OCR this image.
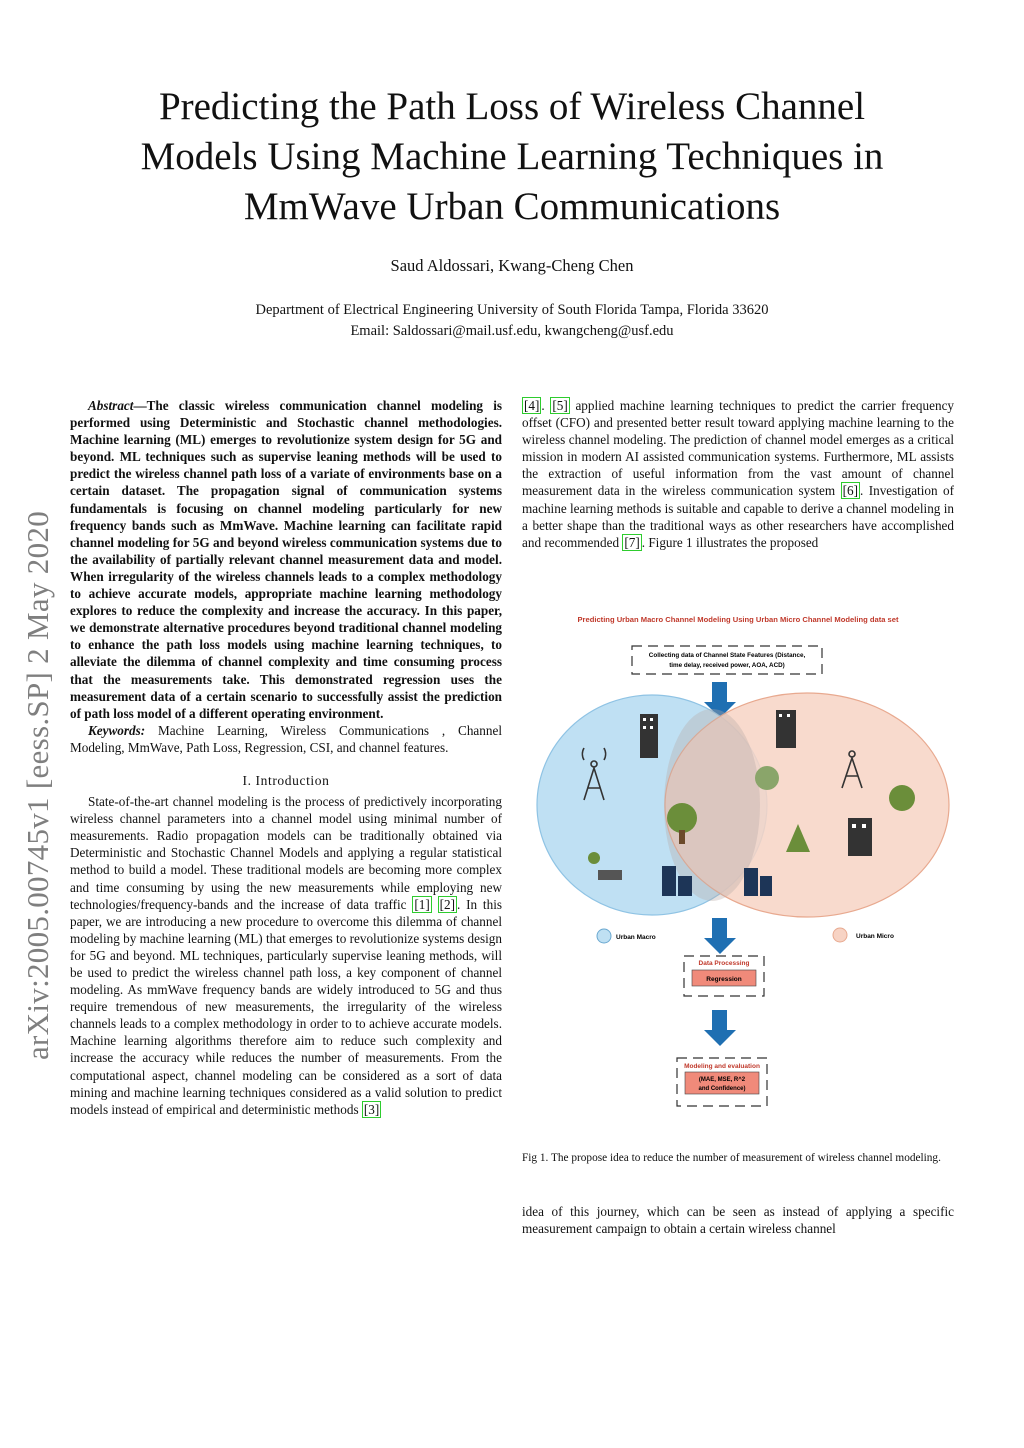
Predicting the Path Loss of Wireless Channel
Models Using Machine Learning Techniques in
MmWave Urban Communications
Saud Aldossari, Kwang-Cheng Chen
Department of Electrical Engineering University of South Florida Tampa, Florida 33620
Email: Saldossari@mail.usf.edu, kwangcheng@usf.edu
arXiv:2005.00745v1 [eess.SP] 2 May 2020

Abstract—The classic wireless communication channel modeling is performed using Deterministic and Stochastic channel methodologies. Machine learning (ML) emerges to revolutionize system design for 5G and beyond. ML techniques such as supervise leaning methods will be used to predict the wireless channel path loss of a variate of environments base on a certain dataset. The propagation signal of communication systems fundamentals is focusing on channel modeling particularly for new frequency bands such as MmWave. Machine learning can facilitate rapid channel modeling for 5G and beyond wireless communication systems due to the availability of partially relevant channel measurement data and model. When irregularity of the wireless channels leads to a complex methodology to achieve accurate models, appropriate machine learning methodology explores to reduce the complexity and increase the accuracy. In this paper, we demonstrate alternative procedures beyond traditional channel modeling to enhance the path loss models using machine learning techniques, to alleviate the dilemma of channel complexity and time consuming process that the measurements take. This demonstrated regression uses the measurement data of a certain scenario to successfully assist the prediction of path loss model of a different operating environment.

Keywords: Machine Learning, Wireless Communications , Channel Modeling, MmWave, Path Loss, Regression, CSI, and channel features.

I. Introduction

State-of-the-art channel modeling is the process of predictively incorporating wireless channel parameters into a channel model using minimal number of measurements. Radio propagation models can be traditionally obtained via Deterministic and Stochastic Channel Models and applying a regular statistical method to build a model. These traditional models are becoming more complex and time consuming by using the new measurements while employing new technologies/frequency-bands and the increase of data traffic [1] [2] . In this paper, we are introducing a new procedure to overcome this dilemma of channel modeling by machine learning (ML) that emerges to revolutionize systems design for 5G and beyond. ML techniques, particularly supervise leaning methods, will be used to predict the wireless channel path loss, a key component of channel modeling. As mmWave frequency bands are widely introduced to 5G and thus require tremendous of new measurements, the irregularity of the wireless channels leads to a complex methodology in order to to achieve accurate models. Machine learning algorithms therefore aim to reduce such complexity and increase the accuracy while reduces the number of measurements. From the computational aspect, channel modeling can be considered as a sort of data mining and machine learning techniques considered as a valid solution to predict models instead of empirical and deterministic methods [3]

[4] . [5] applied machine learning techniques to predict the carrier frequency offset (CFO) and presented better result toward applying machine learning to the wireless channel modeling. The prediction of channel model emerges as a critical mission in modern AI assisted communication systems. Furthermore, ML assists the extraction of useful information from the vast amount of channel measurement data in the wireless communication system [6] . Investigation of machine learning methods is suitable and capable to derive a channel modeling in a better shape than the traditional ways as other researchers have accomplished and recommended [7] . Figure 1 illustrates the proposed

Predicting Urban Macro Channel Modeling Using Urban Micro Channel Modeling data set
Collecting data of Channel State Features (Distance,
time delay, received power, AOA, ACD)
Urban Macro	Urban Micro
Data Processing
Regression
Modeling and evaluation
(MAE, MSE, R^2
and Confidence)
Fig 1. The propose idea to reduce the number of measurement of wireless channel modeling.
idea of this journey, which can be seen as instead of applying a specific measurement campaign to obtain a certain wireless channel
